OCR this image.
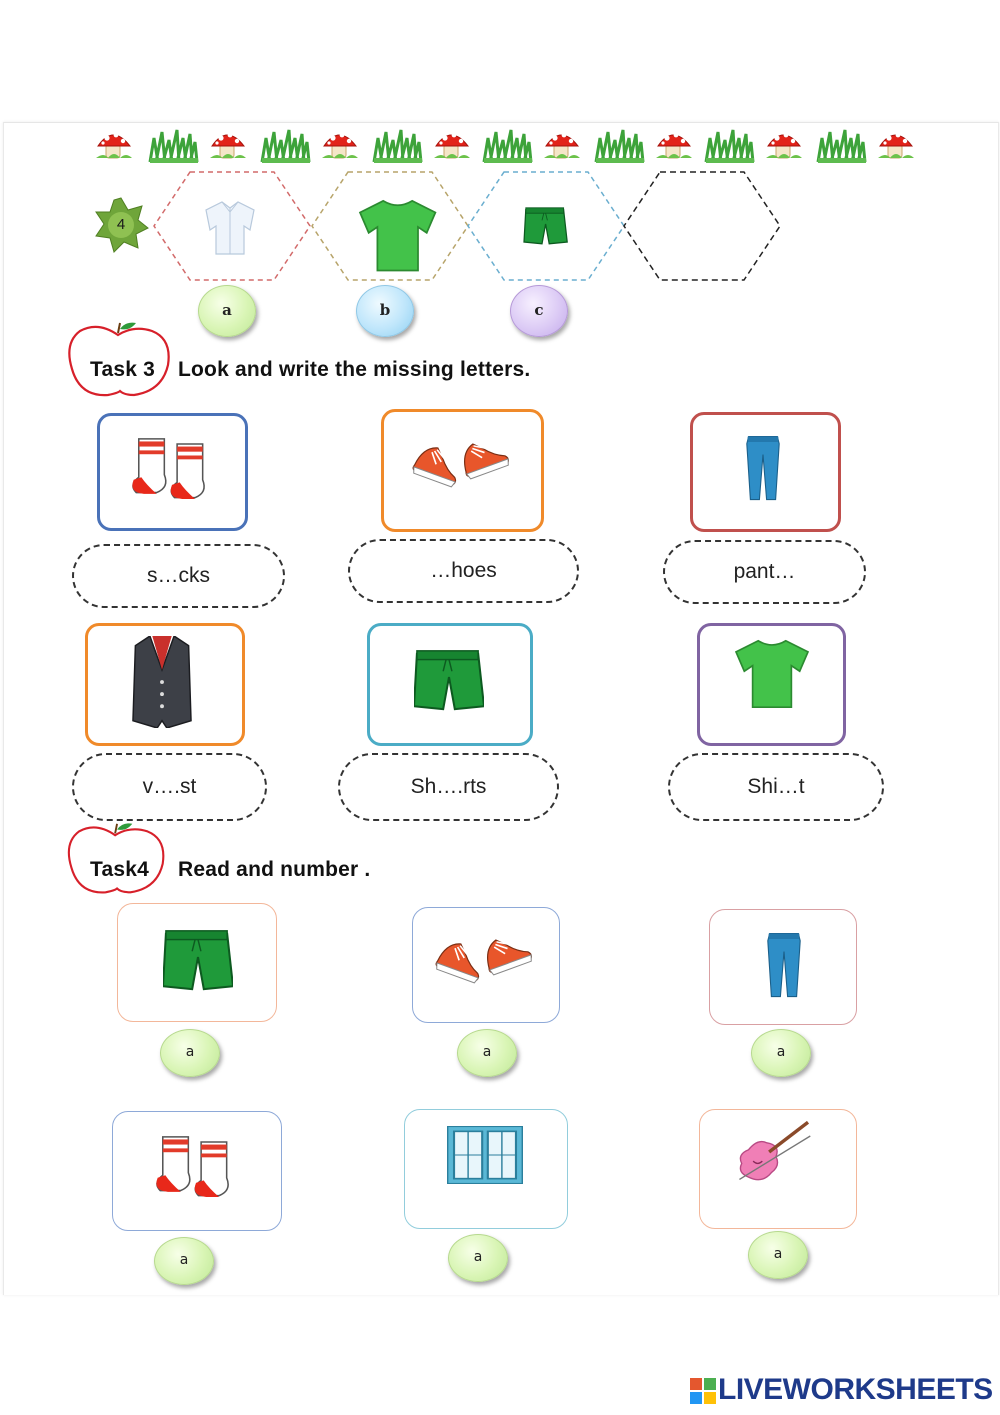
4
a	b	c
Task 3 Look and write the missing letters.
s…cks	…hoes	pant…
v….st	Sh….rts	Shi…t
Task4 Read and number .
a	a	a
a	a	a
LIVEWORKSHEETS
